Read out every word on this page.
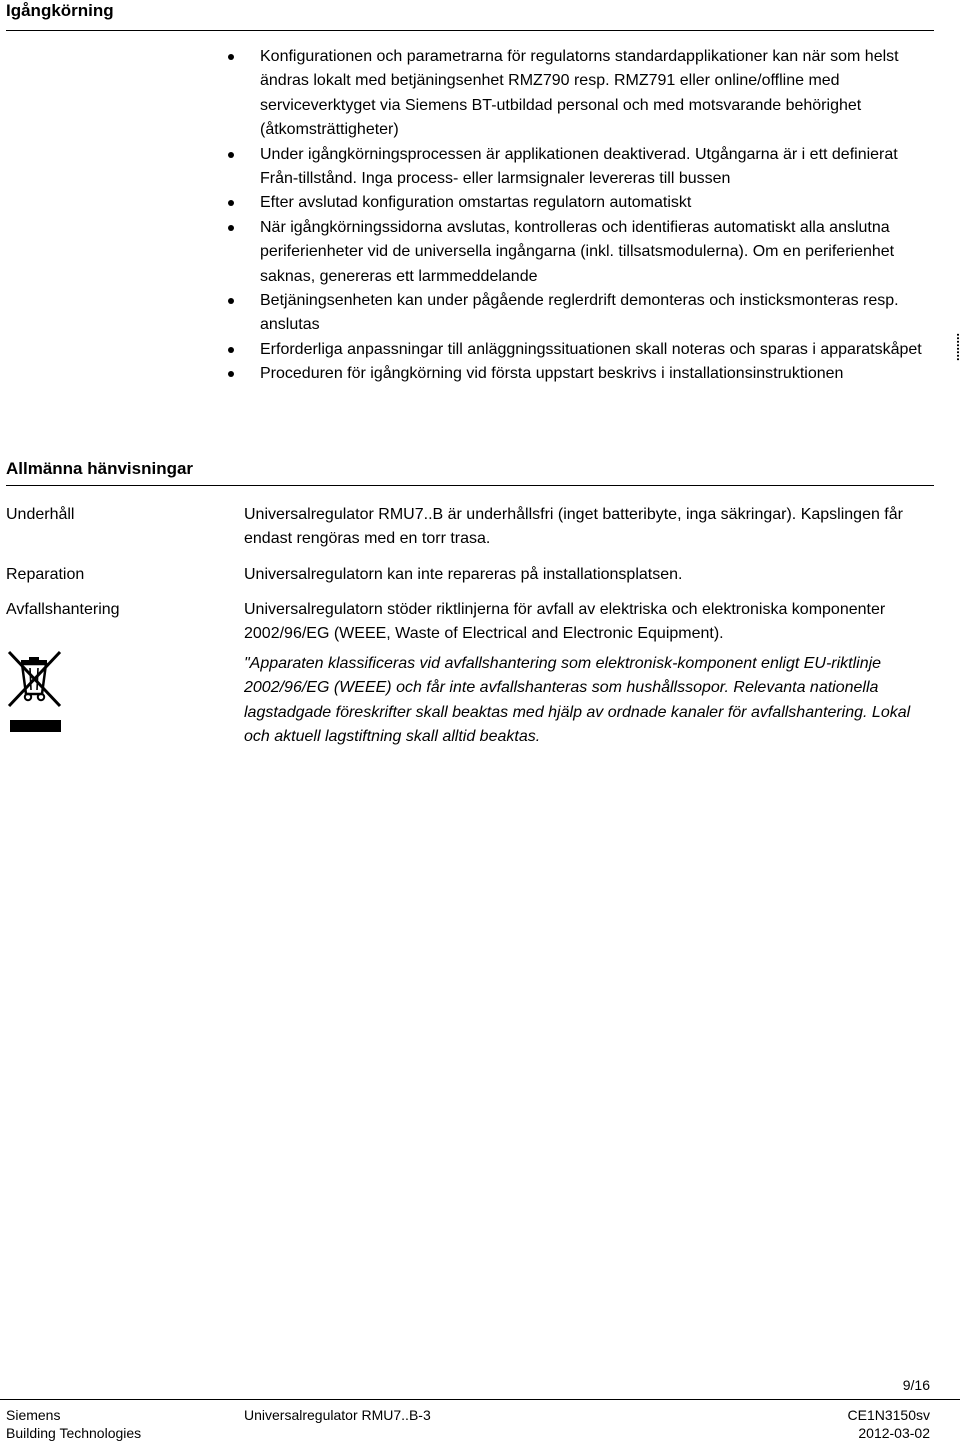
Igångkörning
Konfigurationen och parametrarna för regulatorns standardapplikationer kan när som helst ändras lokalt med betjäningsenhet RMZ790 resp. RMZ791 eller online/offline med serviceverktyget via Siemens BT-utbildad personal och med motsvarande behörighet (åtkomsträttigheter)
Under igångkörningsprocessen är applikationen deaktiverad. Utgångarna är i ett definierat Från-tillstånd. Inga process- eller larmsignaler levereras till bussen
Efter avslutad konfiguration omstartas regulatorn automatiskt
När igångkörningssidorna avslutas, kontrolleras och identifieras automatiskt alla anslutna periferienheter vid de universella ingångarna (inkl. tillsatsmodulerna). Om en periferienhet saknas, genereras ett larmmeddelande
Betjäningsenheten kan under pågående reglerdrift demonteras och insticksmonteras resp. anslutas
Erforderliga anpassningar till anläggningssituationen skall noteras och sparas i apparatskåpet
Proceduren för igångkörning vid första uppstart beskrivs i installationsinstruktionen
Allmänna hänvisningar
Underhåll	Universalregulator RMU7..B är underhållsfri (inget batteribyte, inga säkringar). Kapslingen får endast rengöras med en torr trasa.

Reparation	Universalregulatorn kan inte repareras på installationsplatsen.

Avfallshantering	Universalregulatorn stöder riktlinjerna för avfall av elektriska och elektroniska komponenter 2002/96/EG (WEEE, Waste of Electrical and Electronic Equipment).

"Apparaten klassificeras vid avfallshantering som elektronisk-komponent enligt EU-riktlinje 2002/96/EG (WEEE) och får inte avfallshanteras som hushållssopor. Relevanta nationella lagstadgade föreskrifter skall beaktas med hjälp av ordnade kanaler för avfallshantering. Lokal och aktuell lagstiftning skall alltid beaktas.

9/16
Siemens
Building Technologies
Universalregulator RMU7..B-3	CE1N3150sv
2012-03-02
